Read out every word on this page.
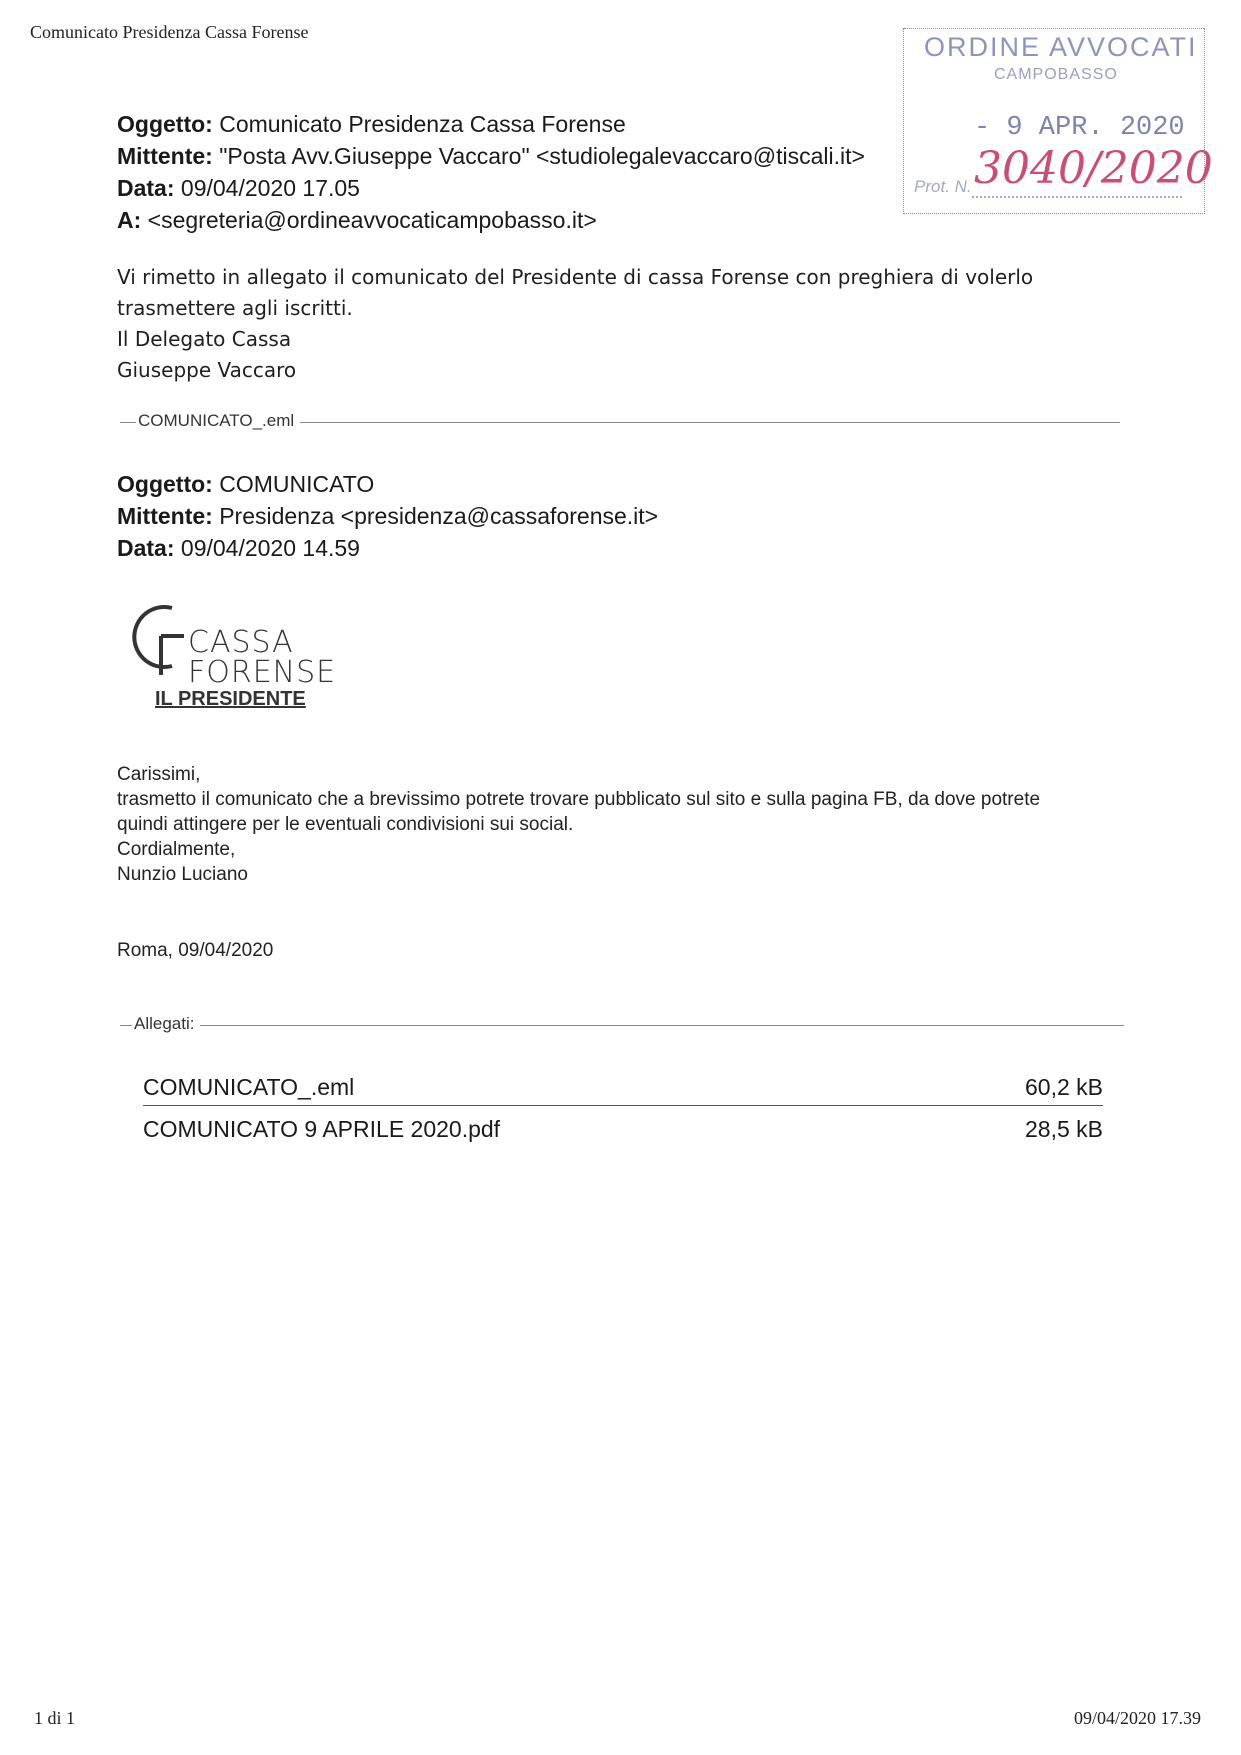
Comunicato Presidenza Cassa Forense	ORDINE AVVOCATI
CAMPOBASSO
- 9 APR. 2020
Prot. N. 3040/2020
Oggetto: Comunicato Presidenza Cassa Forense
Mittente: "Posta Avv.Giuseppe Vaccaro" <studiolegalevaccaro@tiscali.it>
Data: 09/04/2020 17.05
A: <segreteria@ordineavvocaticampobasso.it>
Vi rimetto in allegato il comunicato del Presidente di cassa Forense con preghiera di volerlo
trasmettere agli iscritti.
Il Delegato Cassa
Giuseppe Vaccaro
COMUNICATO_.eml
Oggetto: COMUNICATO
Mittente: Presidenza <presidenza@cassaforense.it>
Data: 09/04/2020 14.59
CASSA
FORENSE
IL PRESIDENTE
Carissimi,
trasmetto il comunicato che a brevissimo potrete trovare pubblicato sul sito e sulla pagina FB, da dove potrete
quindi attingere per le eventuali condivisioni sui social.
Cordialmente,
Nunzio Luciano
Roma, 09/04/2020
Allegati:
COMUNICATO_.eml	60,2 kB
COMUNICATO 9 APRILE 2020.pdf	28,5 kB
1 di 1	09/04/2020 17.39
